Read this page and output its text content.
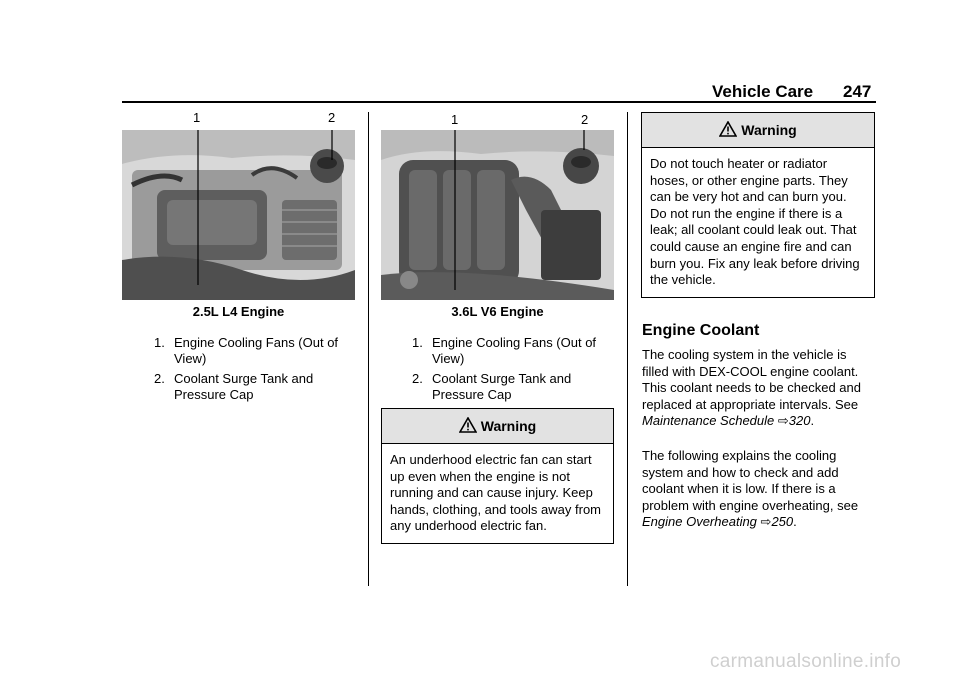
Vehicle Care 247
1	2
2.5L L4 Engine
1. Engine Cooling Fans (Out of View)
2. Coolant Surge Tank and Pressure Cap
1	2
3.6L V6 Engine
1. Engine Cooling Fans (Out of View)
2. Coolant Surge Tank and Pressure Cap
Warning
An underhood electric fan can start up even when the engine is not running and can cause injury. Keep hands, clothing, and tools away from any underhood electric fan.
Warning
Do not touch heater or radiator hoses, or other engine parts. They can be very hot and can burn you. Do not run the engine if there is a leak; all coolant could leak out. That could cause an engine fire and can burn you. Fix any leak before driving the vehicle.
Engine Coolant
The cooling system in the vehicle is filled with DEX-COOL engine coolant. This coolant needs to be checked and replaced at appropriate intervals. See
Maintenance Schedule ⇨320.
The following explains the cooling system and how to check and add coolant when it is low. If there is a problem with engine overheating, see Engine Overheating ⇨250.
carmanualsonline.info
